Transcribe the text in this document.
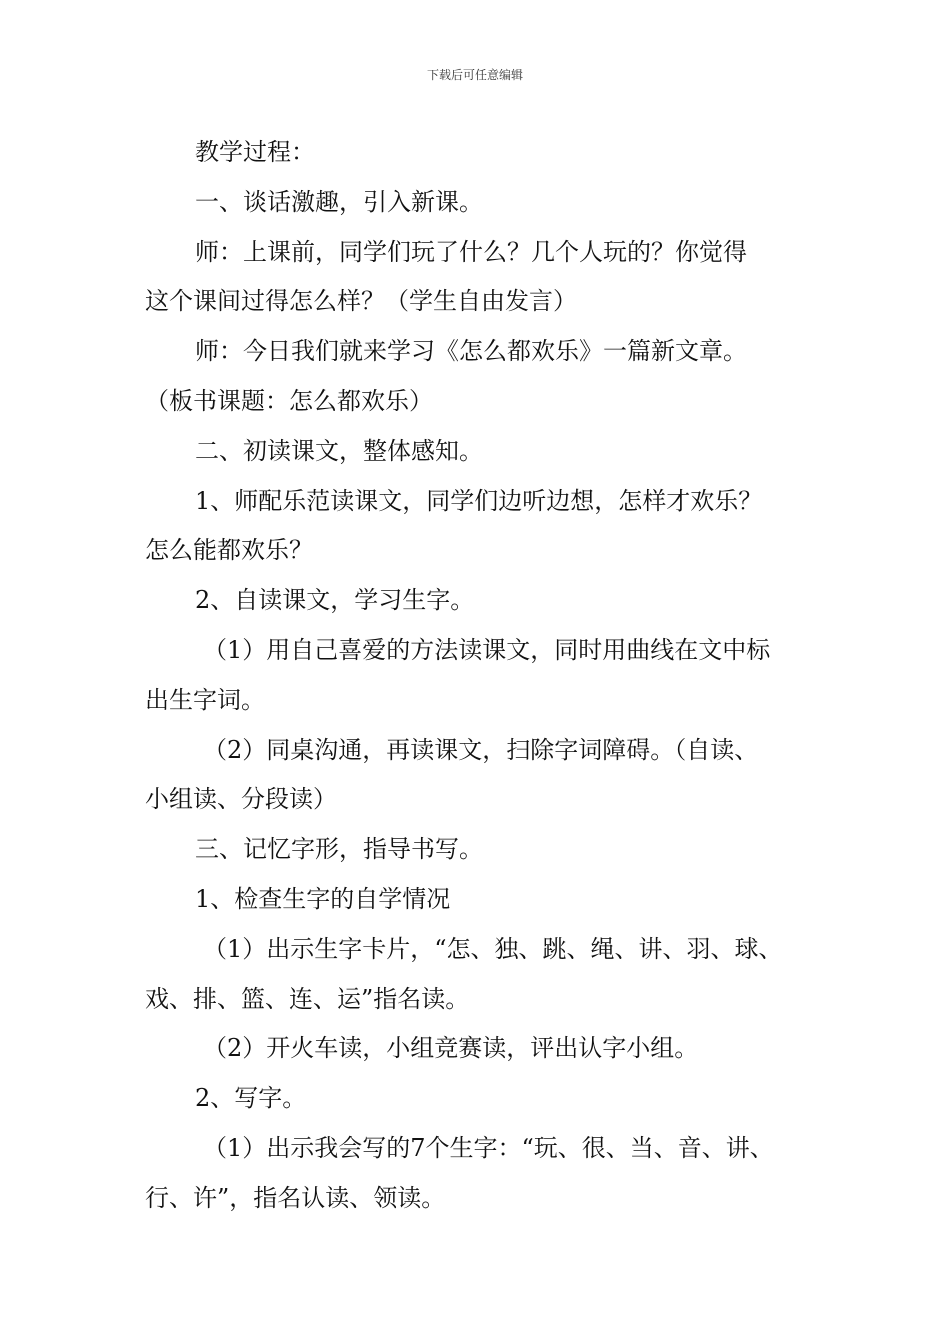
下载后可任意编辑

教学过程：

一、谈话激趣，引入新课。

师：上课前，同学们玩了什么？几个人玩的？你觉得

这个课间过得怎么样？（学生自由发言）

师：今日我们就来学习《怎么都欢乐》一篇新文章。

（板书课题：怎么都欢乐）

二、初读课文，整体感知。

1、师配乐范读课文，同学们边听边想，怎样才欢乐？

怎么能都欢乐？

2、自读课文，学习生字。

（1）用自己喜爱的方法读课文，同时用曲线在文中标

出生字词。

（2）同桌沟通，再读课文，扫除字词障碍。（自读、

小组读、分段读）

三、记忆字形，指导书写。

1、检查生字的自学情况

（1）出示生字卡片，“怎、独、跳、绳、讲、羽、球、

戏、排、篮、连、运”指名读。

（2）开火车读，小组竞赛读，评出认字小组。

2、写字。

（1）出示我会写的7个生字：“玩、很、当、音、讲、

行、许”，指名认读、领读。
